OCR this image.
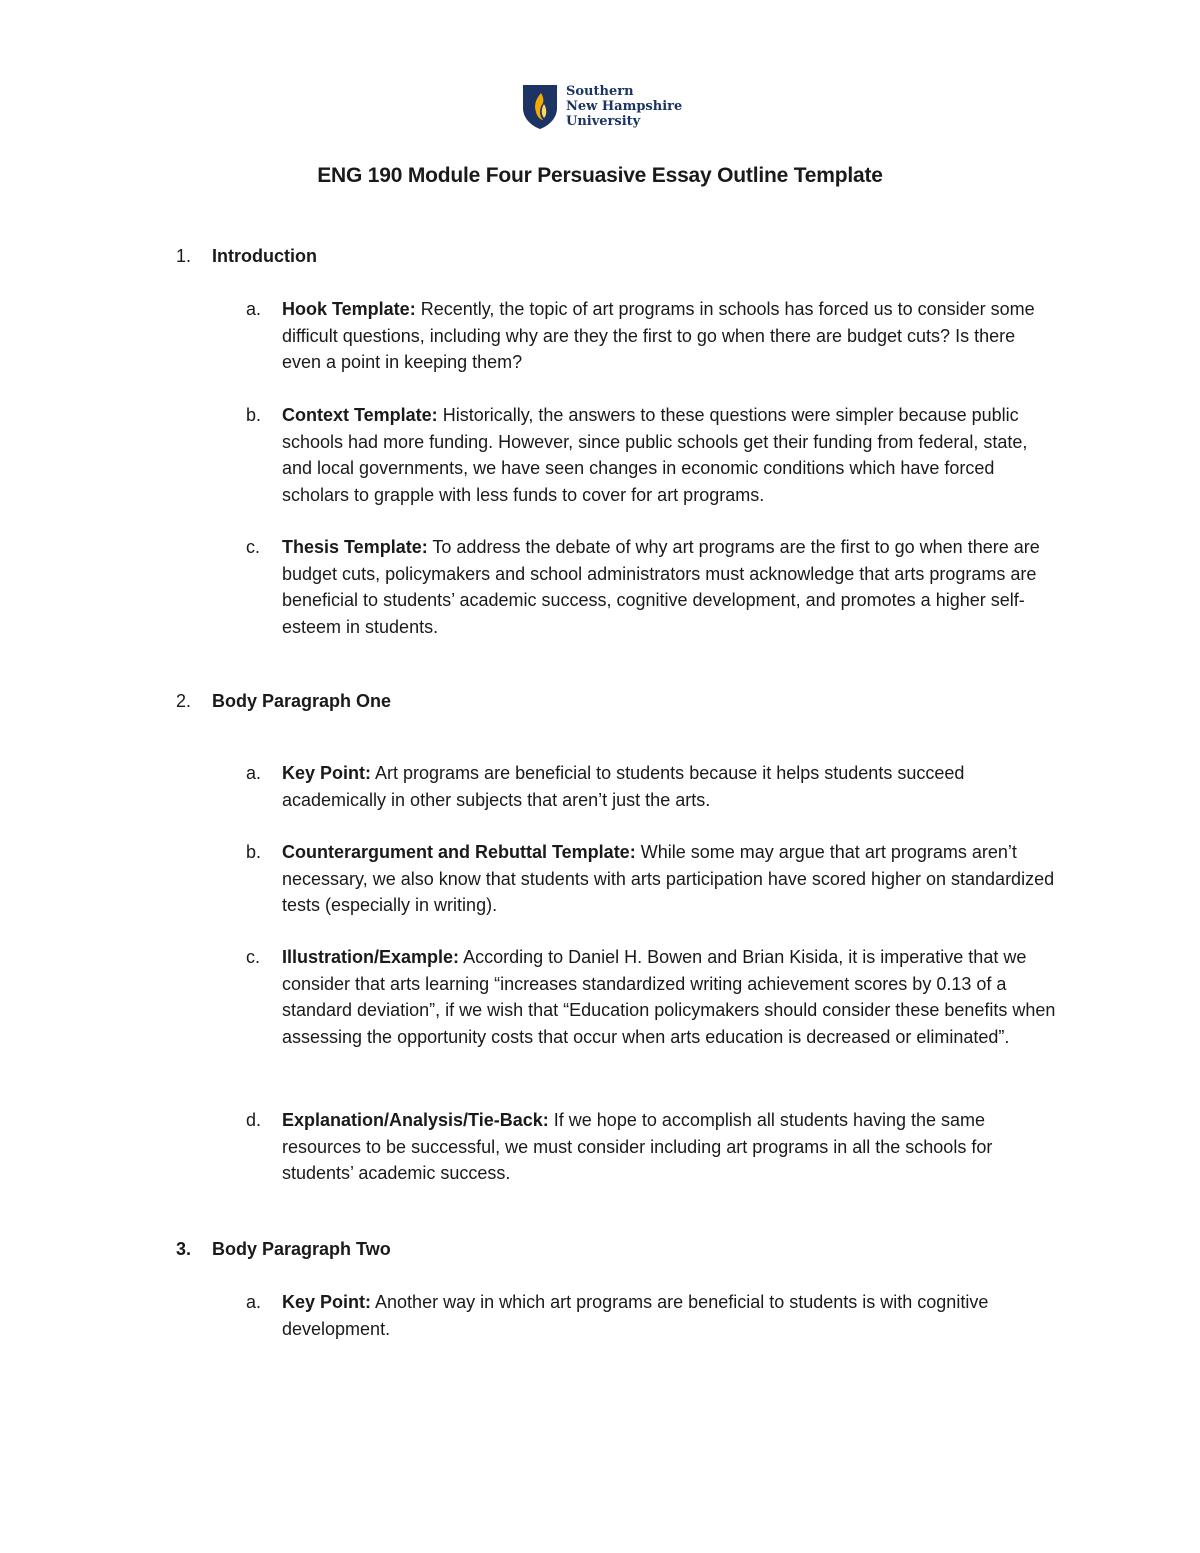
Southern
New Hampshire
University
ENG 190 Module Four Persuasive Essay Outline Template
1. Introduction
a. Hook Template: Recently, the topic of art programs in schools has forced us to consider some difficult questions, including why are they the first to go when there are budget cuts? Is there even a point in keeping them?
b. Context Template: Historically, the answers to these questions were simpler because public schools had more funding. However, since public schools get their funding from federal, state, and local governments, we have seen changes in economic conditions which have forced scholars to grapple with less funds to cover for art programs.
c. Thesis Template: To address the debate of why art programs are the first to go when there are budget cuts, policymakers and school administrators must acknowledge that arts programs are beneficial to students’ academic success, cognitive development, and promotes a higher self-esteem in students.
2. Body Paragraph One
a. Key Point: Art programs are beneficial to students because it helps students succeed academically in other subjects that aren’t just the arts.
b. Counterargument and Rebuttal Template: While some may argue that art programs aren’t necessary, we also know that students with arts participation have scored higher on standardized tests (especially in writing).
c. Illustration/Example: According to Daniel H. Bowen and Brian Kisida, it is imperative that we consider that arts learning “increases standardized writing achievement scores by 0.13 of a standard deviation”, if we wish that “Education policymakers should consider these benefits when assessing the opportunity costs that occur when arts education is decreased or eliminated”.
d. Explanation/Analysis/Tie-Back: If we hope to accomplish all students having the same resources to be successful, we must consider including art programs in all the schools for students’ academic success.
3. Body Paragraph Two
a. Key Point: Another way in which art programs are beneficial to students is with cognitive development.
